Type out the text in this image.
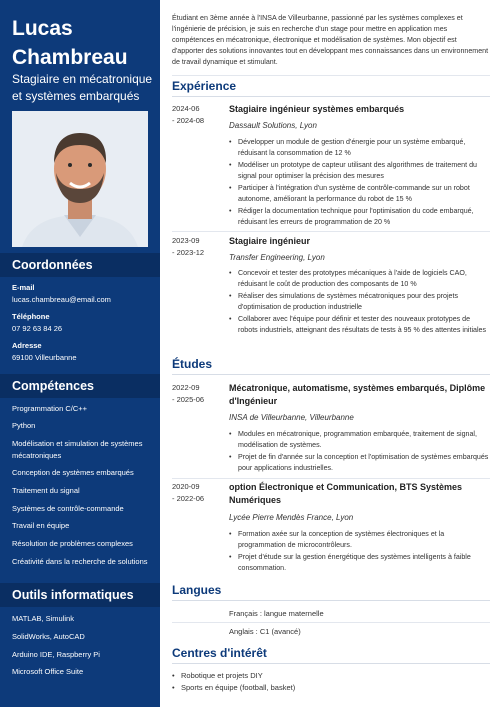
Lucas
Chambreau
Stagiaire en mécatronique
et systèmes embarqués
Coordonnées
E-mail
lucas.chambreau@email.com
Téléphone
07 92 63 84 26
Adresse
69100 Villeurbanne
Compétences
Programmation C/C++
Python
Modélisation et simulation de systèmes mécatroniques
Conception de systèmes embarqués
Traitement du signal
Systèmes de contrôle-commande
Travail en équipe
Résolution de problèmes complexes
Créativité dans la recherche de solutions
Outils informatiques
MATLAB, Simulink
SolidWorks, AutoCAD
Arduino IDE, Raspberry Pi
Microsoft Office Suite
Étudiant en 3ème année à l'INSA de Villeurbanne, passionné par les systèmes complexes et l'ingénierie de précision, je suis en recherche d'un stage pour mettre en application mes compétences en mécatronique, électronique et modélisation de systèmes. Mon objectif est d'apporter des solutions innovantes tout en développant mes connaissances dans un environnement de travail dynamique et stimulant.
Expérience
2024-06
- 2024-08
Stagiaire ingénieur systèmes embarqués
Dassault Solutions, Lyon
• Développer un module de gestion d'énergie pour un système embarqué, réduisant la consommation de 12 %
• Modéliser un prototype de capteur utilisant des algorithmes de traitement du signal pour optimiser la précision des mesures
• Participer à l'intégration d'un système de contrôle-commande sur un robot autonome, améliorant la performance du robot de 15 %
• Rédiger la documentation technique pour l'optimisation du code embarqué, réduisant les erreurs de programmation de 20 %
2023-09
- 2023-12
Stagiaire ingénieur
Transfer Engineering, Lyon
• Concevoir et tester des prototypes mécaniques à l'aide de logiciels CAO, réduisant le coût de production des composants de 10 %
• Réaliser des simulations de systèmes mécatroniques pour des projets d'optimisation de production industrielle
• Collaborer avec l'équipe pour définir et tester des nouveaux prototypes de robots industriels, atteignant des résultats de tests à 95 % des attentes initiales
Études
2022-09
- 2025-06
Mécatronique, automatisme, systèmes embarqués, Diplôme d'Ingénieur
INSA de Villeurbanne, Villeurbanne
• Modules en mécatronique, programmation embarquée, traitement de signal, modélisation de systèmes.
• Projet de fin d'année sur la conception et l'optimisation de systèmes embarqués pour applications industrielles.
2020-09
- 2022-06
option Électronique et Communication, BTS Systèmes Numériques
Lycée Pierre Mendès France, Lyon
• Formation axée sur la conception de systèmes électroniques et la programmation de microcontrôleurs.
• Projet d'étude sur la gestion énergétique des systèmes intelligents à faible consommation.
Langues
Français : langue maternelle
Anglais : C1 (avancé)
Centres d'intérêt
• Robotique et projets DIY
• Sports en équipe (football, basket)
